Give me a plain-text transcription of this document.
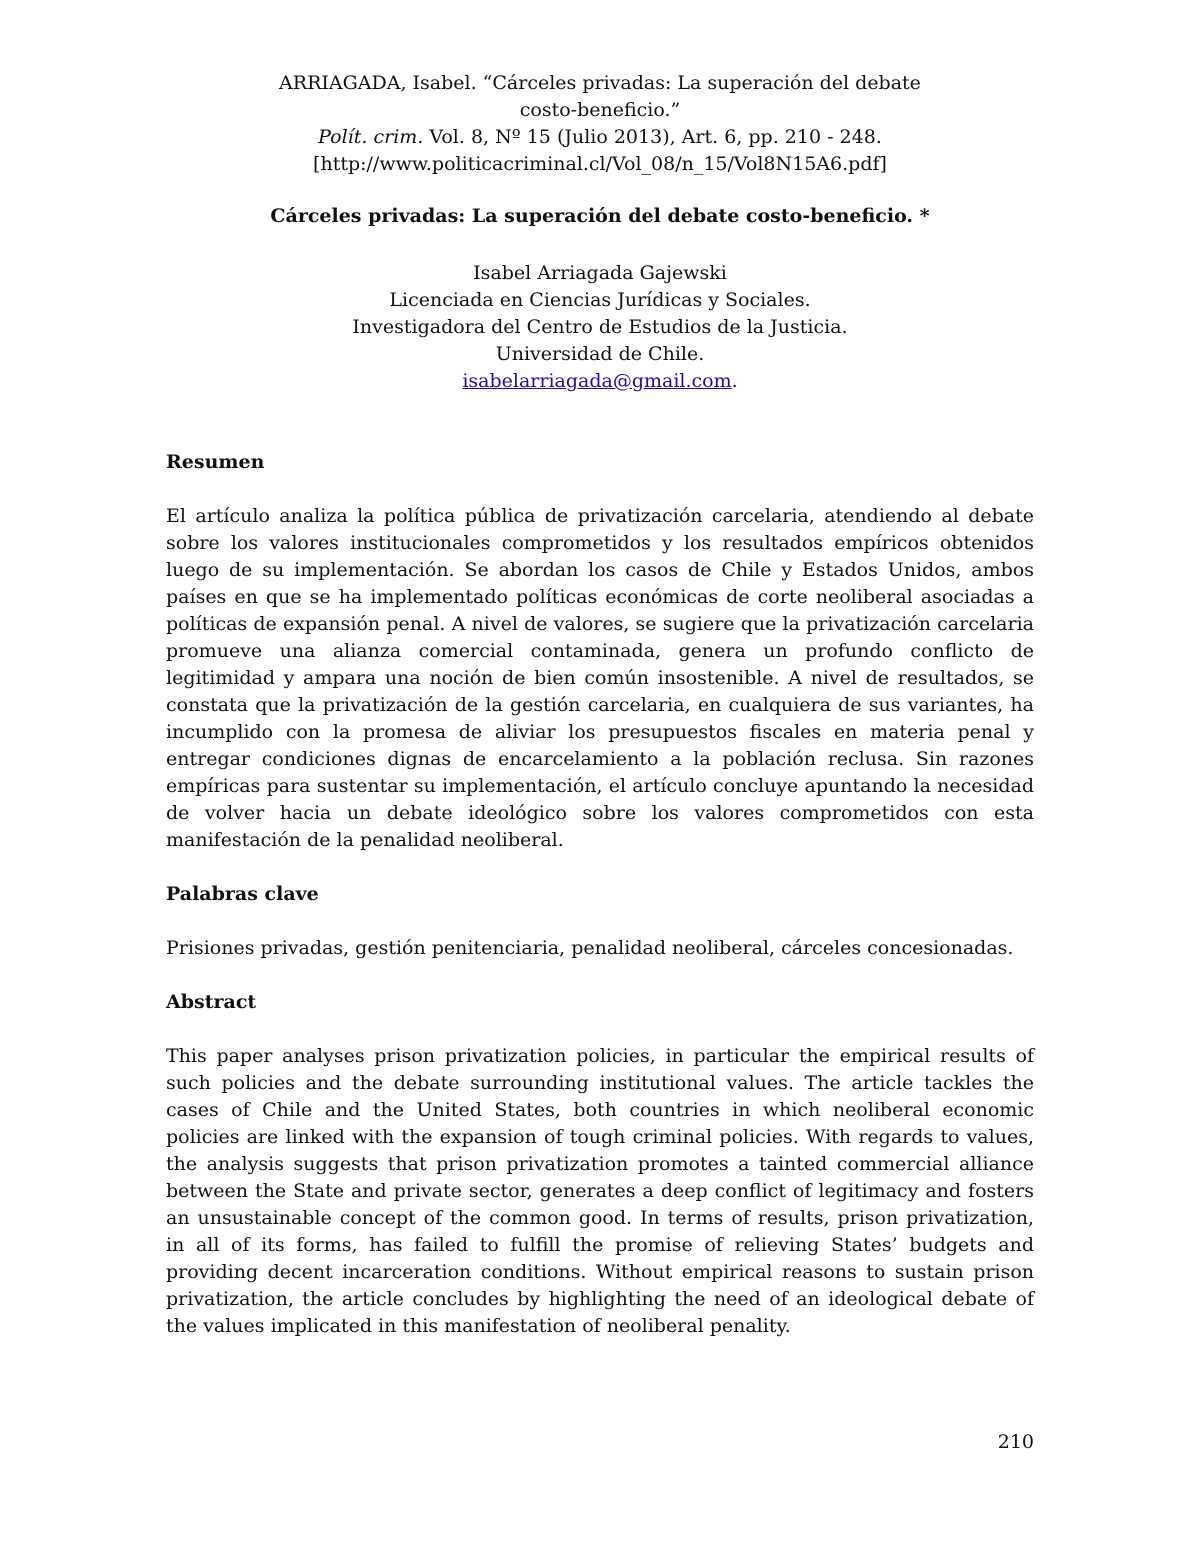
ARRIAGADA, Isabel. “Cárceles privadas: La superación del debate
costo-beneficio.”
Polít. crim. Vol. 8, Nº 15 (Julio 2013), Art. 6, pp. 210 - 248.
[http://www.politicacriminal.cl/Vol_08/n_15/Vol8N15A6.pdf]
Cárceles privadas: La superación del debate costo-beneficio. *
Isabel Arriagada Gajewski
Licenciada en Ciencias Jurídicas y Sociales.
Investigadora del Centro de Estudios de la Justicia.
Universidad de Chile.
isabelarriagada@gmail.com.
Resumen
El artículo analiza la política pública de privatización carcelaria, atendiendo al debate sobre los valores institucionales comprometidos y los resultados empíricos obtenidos luego de su implementación. Se abordan los casos de Chile y Estados Unidos, ambos países en que se ha implementado políticas económicas de corte neoliberal asociadas a políticas de expansión penal. A nivel de valores, se sugiere que la privatización carcelaria promueve una alianza comercial contaminada, genera un profundo conflicto de legitimidad y ampara una noción de bien común insostenible. A nivel de resultados, se constata que la privatización de la gestión carcelaria, en cualquiera de sus variantes, ha incumplido con la promesa de aliviar los presupuestos fiscales en materia penal y entregar condiciones dignas de encarcelamiento a la población reclusa. Sin razones empíricas para sustentar su implementación, el artículo concluye apuntando la necesidad de volver hacia un debate ideológico sobre los valores comprometidos con esta manifestación de la penalidad neoliberal.
Palabras clave
Prisiones privadas, gestión penitenciaria, penalidad neoliberal, cárceles concesionadas.
Abstract
This paper analyses prison privatization policies, in particular the empirical results of such policies and the debate surrounding institutional values. The article tackles the cases of Chile and the United States, both countries in which neoliberal economic policies are linked with the expansion of tough criminal policies. With regards to values, the analysis suggests that prison privatization promotes a tainted commercial alliance between the State and private sector, generates a deep conflict of legitimacy and fosters an unsustainable concept of the common good. In terms of results, prison privatization, in all of its forms, has failed to fulfill the promise of relieving States’ budgets and providing decent incarceration conditions. Without empirical reasons to sustain prison privatization, the article concludes by highlighting the need of an ideological debate of the values implicated in this manifestation of neoliberal penality.
210
